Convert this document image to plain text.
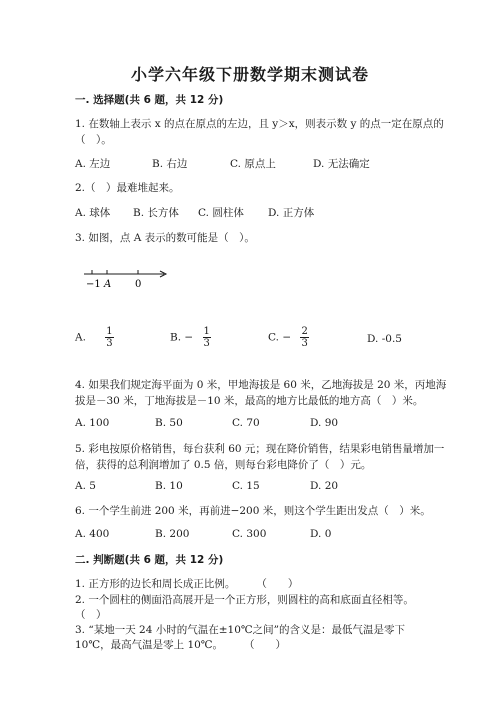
小学六年级下册数学期末测试卷
一. 选择题(共 6 题，共 12 分)
1. 在数轴上表示 x 的点在原点的左边，且 y＞x，则表示数 y 的点一定在原点的
（　）。
A. 左边	B. 右边	C. 原点上	D. 无法确定
2.（　）最难堆起来。
A. 球体 B. 长方体 C. 圆柱体 D. 正方体
3. 如图，点 A 表示的数可能是（　）。
−1 A 0
A. $\frac{1}{3}$	B. − $\frac{1}{3}$	C. − $\frac{2}{3}$	D. -0.5
4. 如果我们规定海平面为 0 米，甲地海拔是 60 米，乙地海拔是 20 米，丙地海
拔是－30 米，丁地海拔是－10 米，最高的地方比最低的地方高（　）米。
A. 100	B. 50	C. 70	D. 90
5. 彩电按原价格销售，每台获利 60 元；现在降价销售，结果彩电销售量增加一
倍，获得的总利润增加了 0.5 倍，则每台彩电降价了（　）元。
A. 5	B. 10	C. 15	D. 20
6. 一个学生前进 200 米，再前进−200 米，则这个学生距出发点（　）米。
A. 400	B. 200	C. 300	D. 0
二. 判断题(共 6 题，共 12 分)
1. 正方形的边长和周长成正比例。　　　（　　）
2. 一个圆柱的侧面沿高展开是一个正方形，则圆柱的高和底面直径相等。
（　）
3. “某地一天 24 小时的气温在±10℃之间”的含义是：最低气温是零下
10℃，最高气温是零上 10℃。　　　（　　）
